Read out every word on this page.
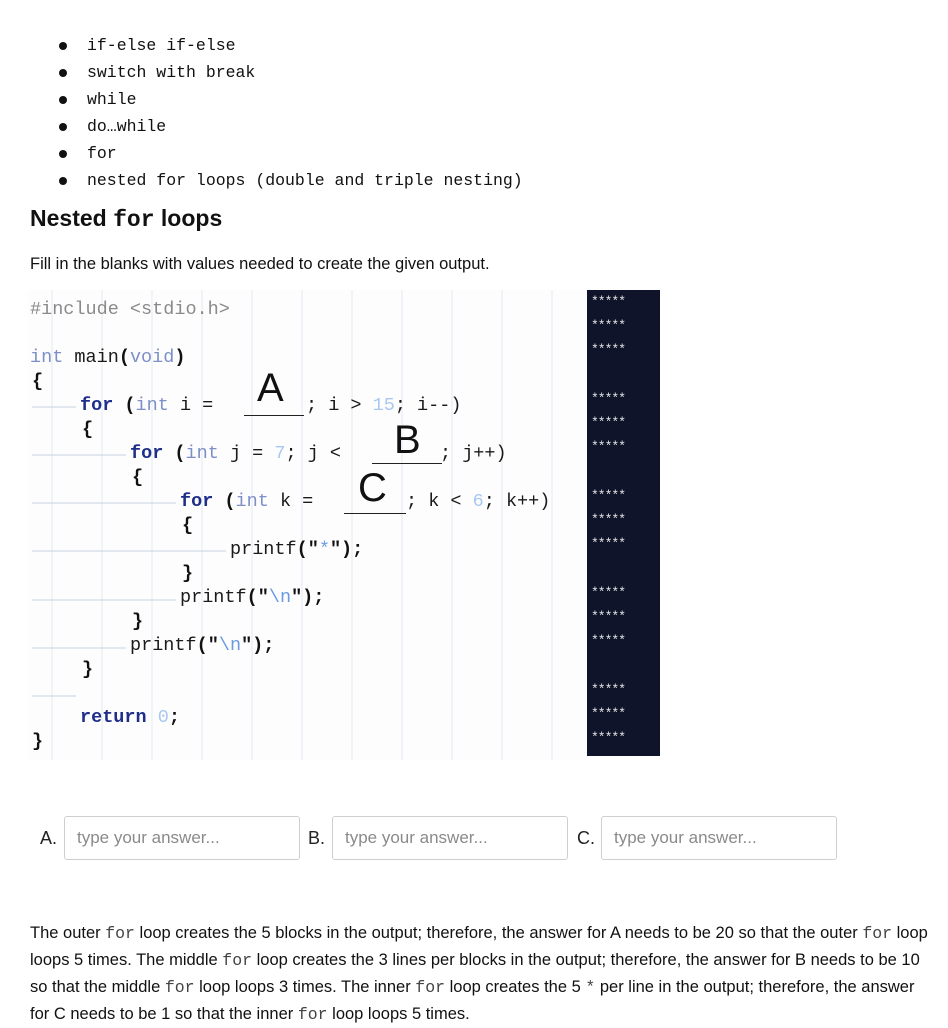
if-else if-else
switch with break
while
do…while
for
nested for loops (double and triple nesting)
Nested for loops
Fill in the blanks with values needed to create the given output.
#include <stdio.h>
int main(void)
{
for (int i =	; i > 15; i--)
{
for (int j = 7; j <	; j++)
{
for (int k =	; k < 6; k++)
{
printf("*");
}
printf("\n");
}
printf("\n");
}
return 0;
}
A
B
C
*****
*****
*****
*****
*****
*****
*****
*****
*****
*****
*****
*****
*****
*****
*****
A.
type your answer...	B.
type your answer...	C.
type your answer...
The outer for loop creates the 5 blocks in the output; therefore, the answer for A needs to be 20 so that the outer for loop loops 5 times. The middle for loop creates the 3 lines per blocks in the output; therefore, the answer for B needs to be 10 so that the middle for loop loops 3 times. The inner for loop creates the 5 * per line in the output; therefore, the answer for C needs to be 1 so that the inner for loop loops 5 times.
